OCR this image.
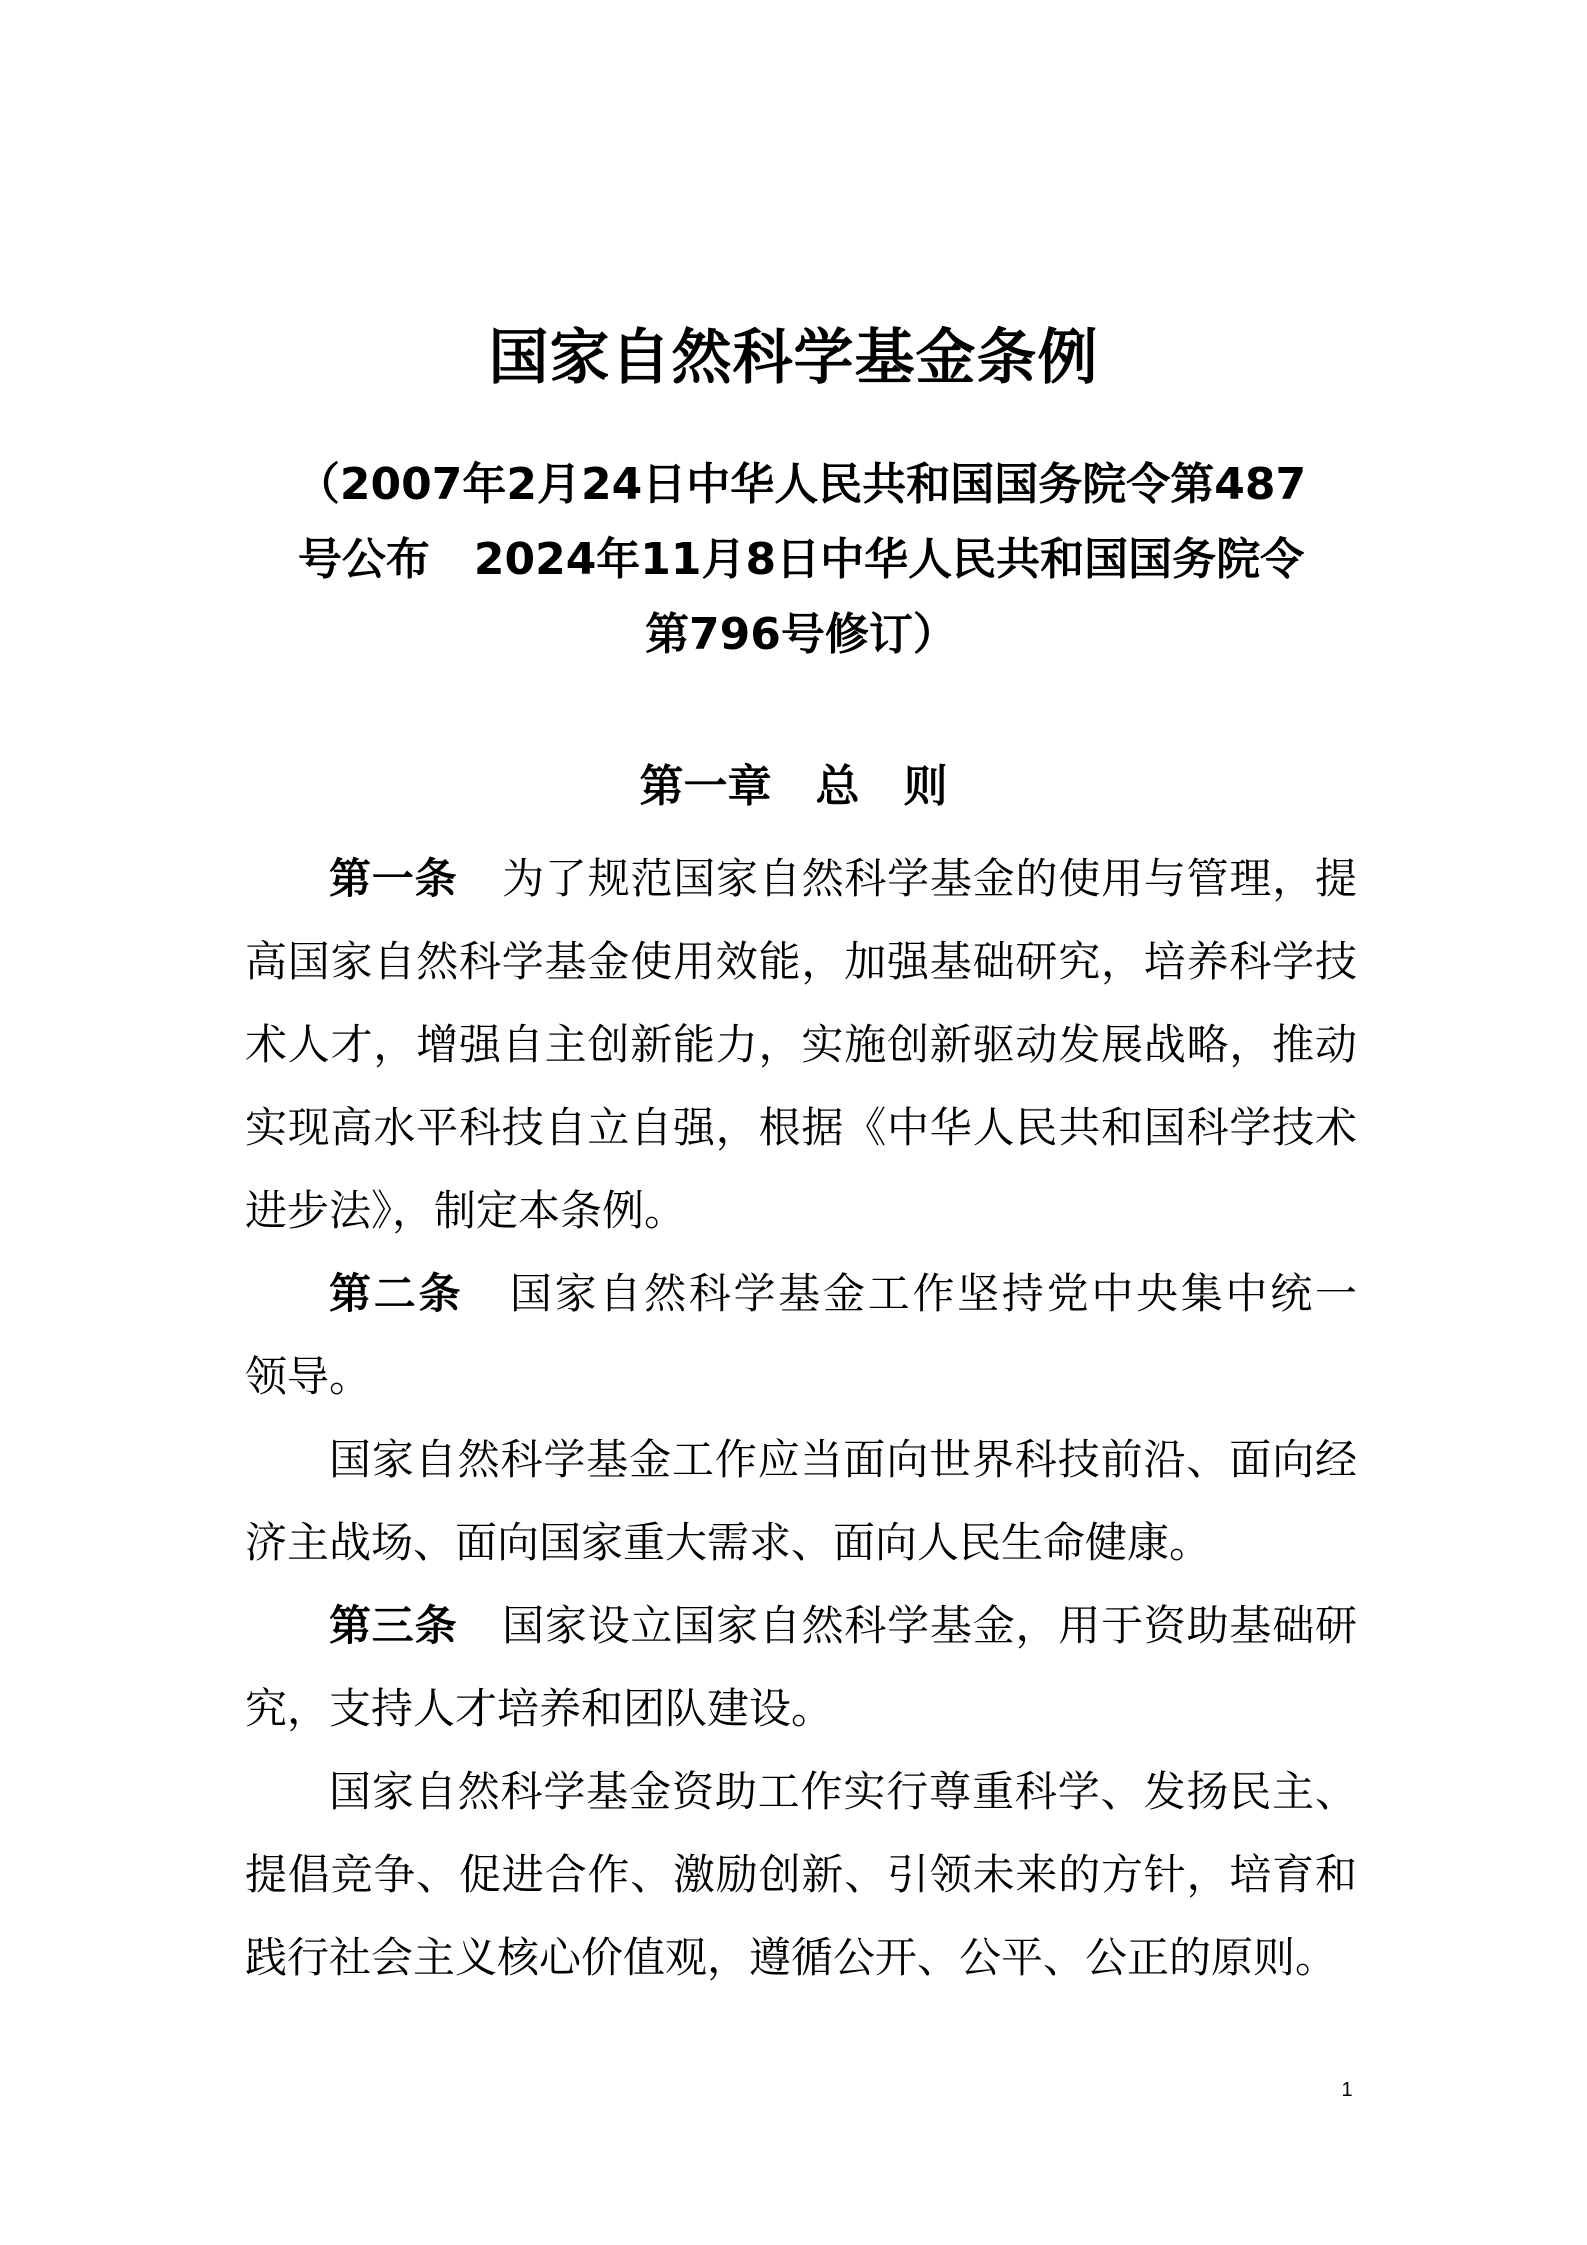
国家自然科学基金条例
（2007年2月24日中华人民共和国国务院令第487
号公布　2024年11月8日中华人民共和国国务院令
第796号修订）
第一章　总　则
第一条 为了规范国家自然科学基金的使用与管理，提
高国家自然科学基金使用效能，加强基础研究，培养科学技
术人才，增强自主创新能力，实施创新驱动发展战略，推动
实现高水平科技自立自强，根据《中华人民共和国科学技术
进步法》，制定本条例。
第二条 国家自然科学基金工作坚持党中央集中统一
领导。
国家自然科学基金工作应当面向世界科技前沿、面向经
济主战场、面向国家重大需求、面向人民生命健康。
第三条 国家设立国家自然科学基金，用于资助基础研
究，支持人才培养和团队建设。
国家自然科学基金资助工作实行尊重科学、发扬民主、
提倡竞争、促进合作、激励创新、引领未来的方针，培育和
践行社会主义核心价值观，遵循公开、公平、公正的原则。
1
